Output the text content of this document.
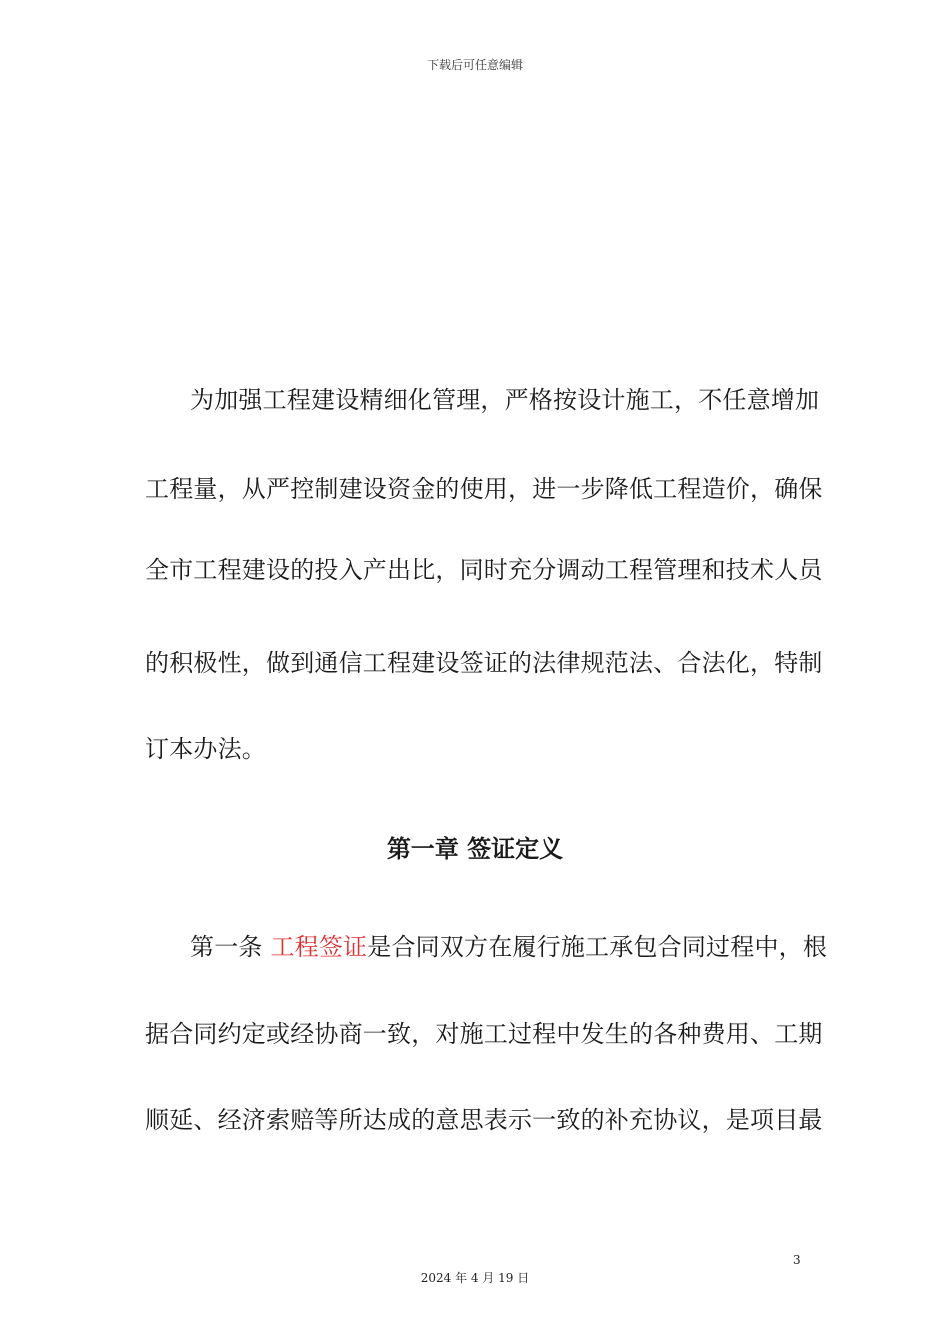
下载后可任意编辑
为加强工程建设精细化管理，严格按设计施工，不任意增加
工程量，从严控制建设资金的使用，进一步降低工程造价，确保
全市工程建设的投入产出比，同时充分调动工程管理和技术人员
的积极性，做到通信工程建设签证的法律规范法、合法化，特制
订本办法。
第一章 签证定义
第一条 工程签证是合同双方在履行施工承包合同过程中，根
据合同约定或经协商一致，对施工过程中发生的各种费用、工期
顺延、经济索赔等所达成的意思表示一致的补充协议，是项目最
3
2024 年 4 月 19 日
